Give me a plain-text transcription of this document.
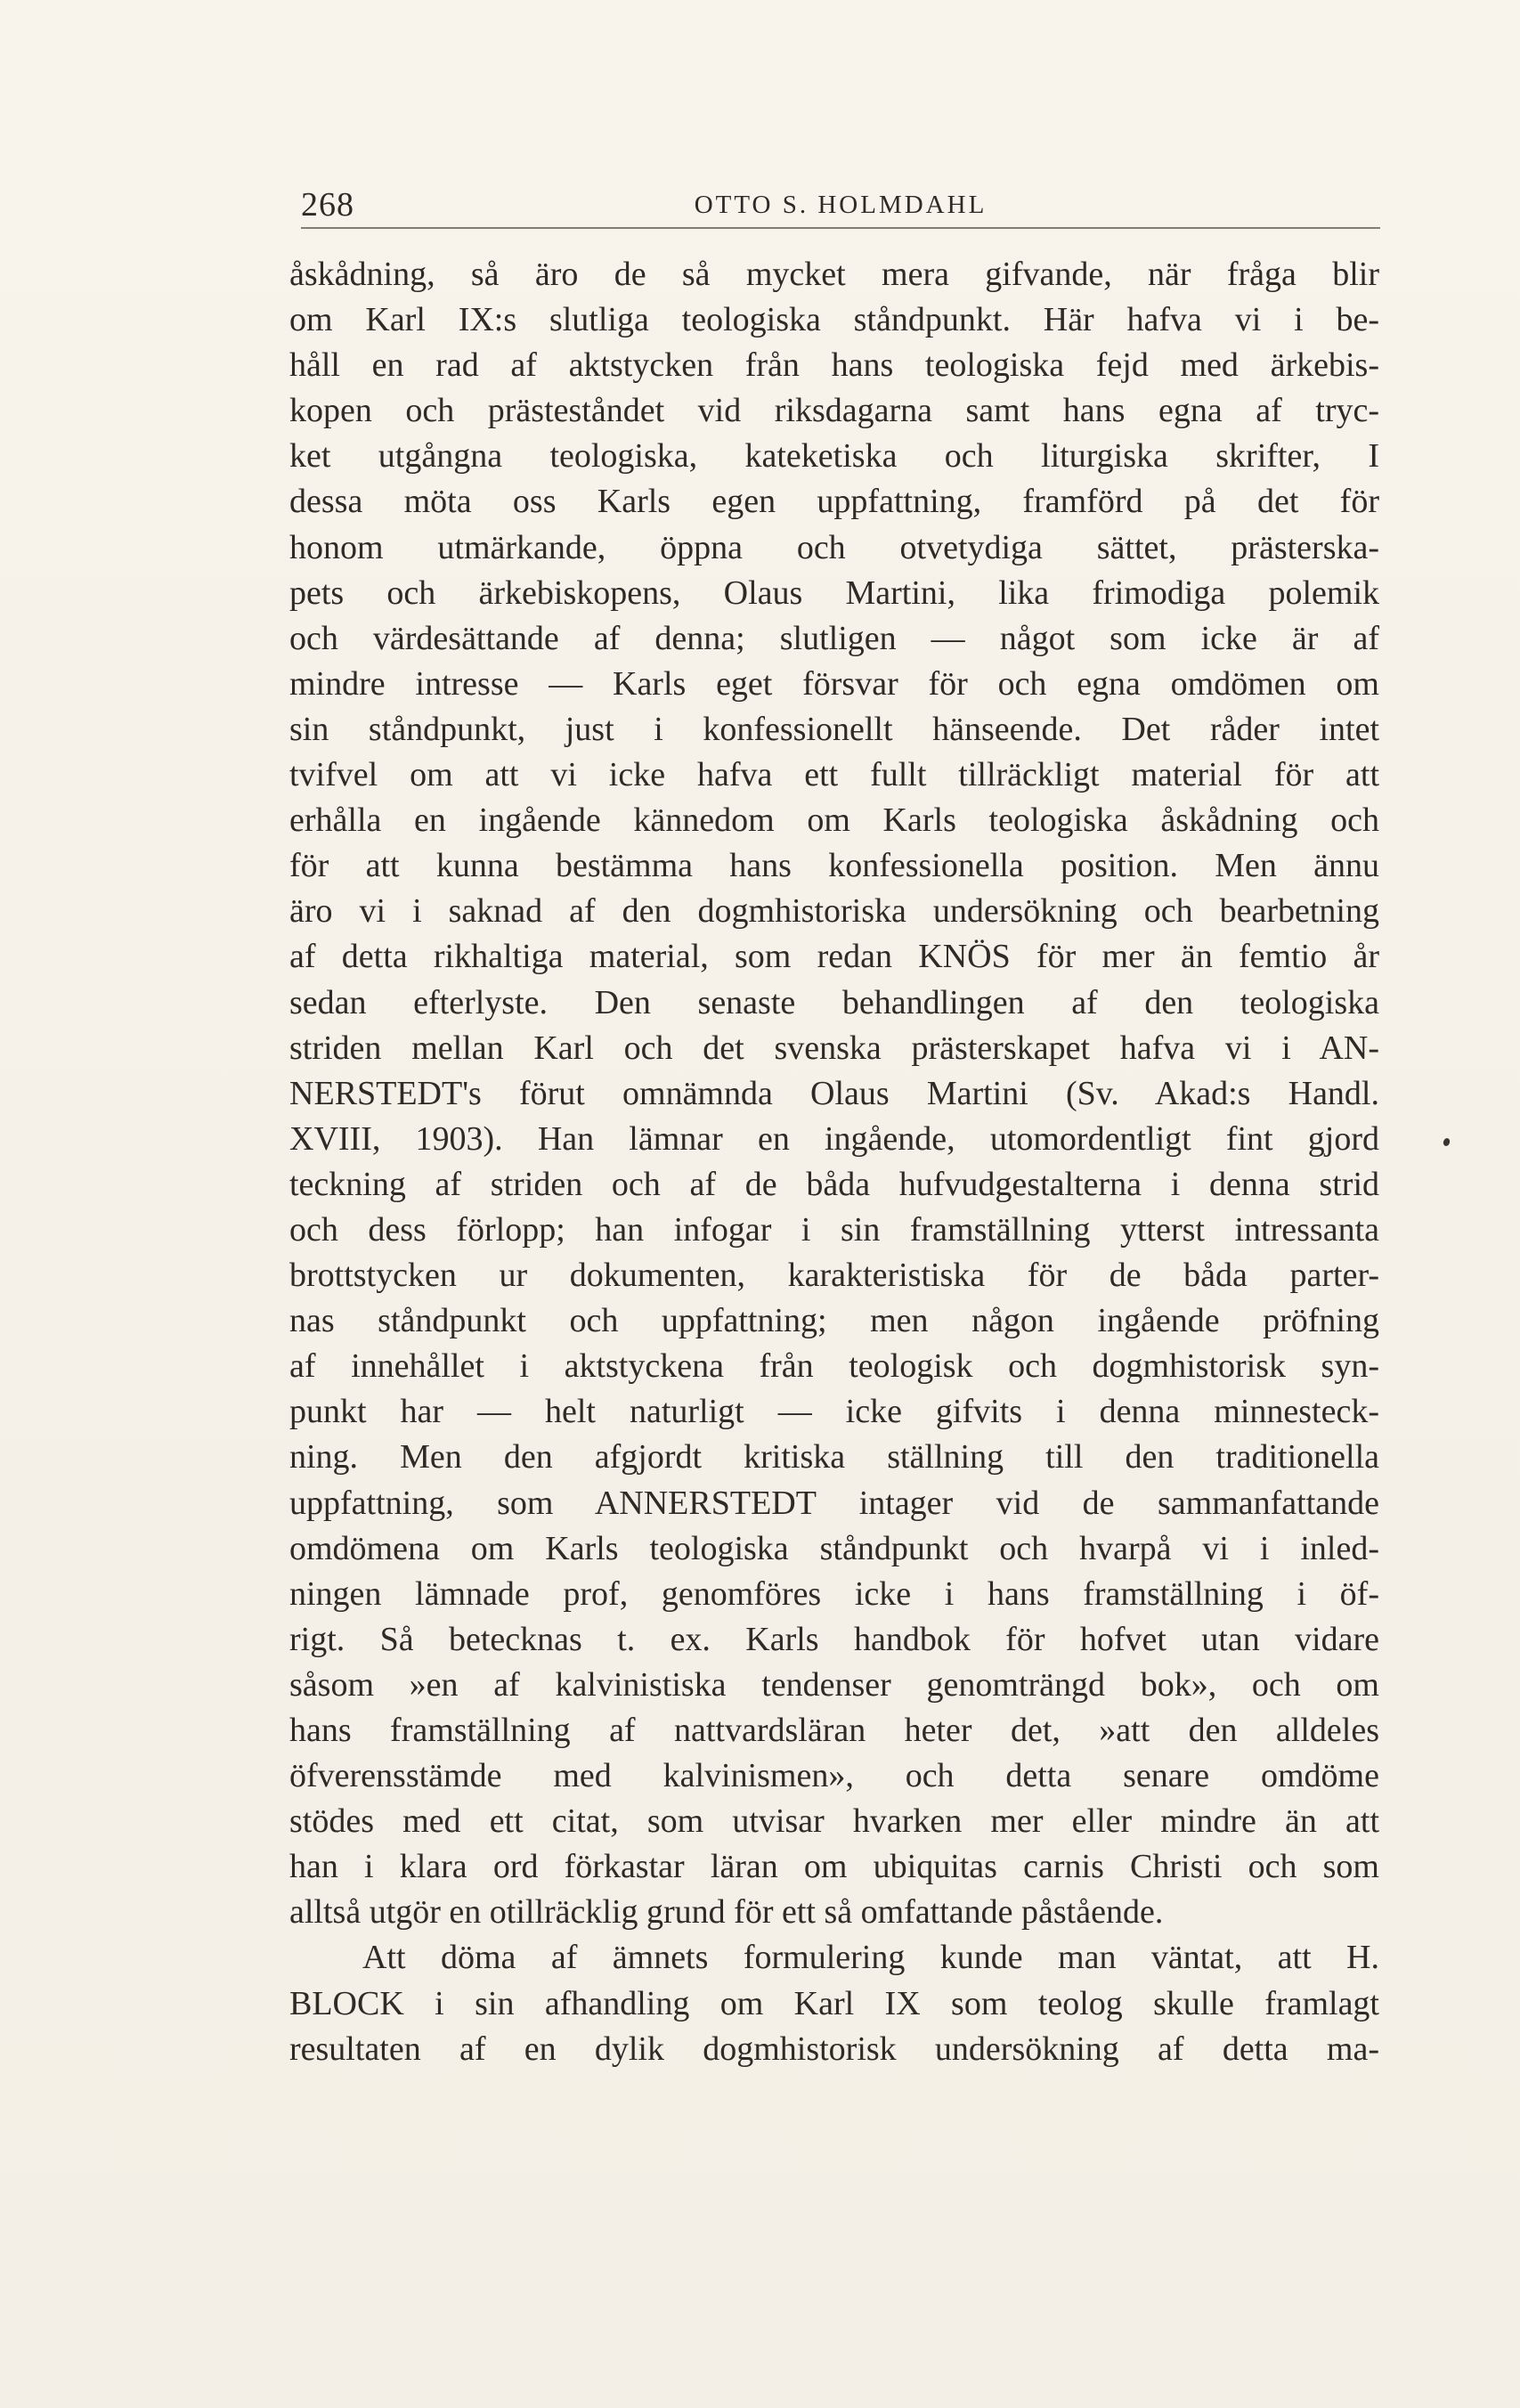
268	OTTO S. HOLMDAHL
åskådning, så äro de så mycket mera gifvande, när fråga blir
om Karl IX:s slutliga teologiska ståndpunkt. Här hafva vi i be-
håll en rad af aktstycken från hans teologiska fejd med ärkebis-
kopen och prästeståndet vid riksdagarna samt hans egna af tryc-
ket utgångna teologiska, kateketiska och liturgiska skrifter, I
dessa möta oss Karls egen uppfattning, framförd på det för
honom utmärkande, öppna och otvetydiga sättet, prästerska-
pets och ärkebiskopens, Olaus Martini, lika frimodiga polemik
och värdesättande af denna; slutligen — något som icke är af
mindre intresse — Karls eget försvar för och egna omdömen om
sin ståndpunkt, just i konfessionellt hänseende. Det råder intet
tvifvel om att vi icke hafva ett fullt tillräckligt material för att
erhålla en ingående kännedom om Karls teologiska åskådning och
för att kunna bestämma hans konfessionella position. Men ännu
äro vi i saknad af den dogmhistoriska undersökning och bearbetning
af detta rikhaltiga material, som redan KNÖS för mer än femtio år
sedan efterlyste. Den senaste behandlingen af den teologiska
striden mellan Karl och det svenska prästerskapet hafva vi i AN-
NERSTEDT's förut omnämnda Olaus Martini (Sv. Akad:s Handl.
XVIII, 1903). Han lämnar en ingående, utomordentligt fint gjord
teckning af striden och af de båda hufvudgestalterna i denna strid
och dess förlopp; han infogar i sin framställning ytterst intressanta
brottstycken ur dokumenten, karakteristiska för de båda parter-
nas ståndpunkt och uppfattning; men någon ingående pröfning
af innehållet i aktstyckena från teologisk och dogmhistorisk syn-
punkt har — helt naturligt — icke gifvits i denna minnesteck-
ning. Men den afgjordt kritiska ställning till den traditionella
uppfattning, som ANNERSTEDT intager vid de sammanfattande
omdömena om Karls teologiska ståndpunkt och hvarpå vi i inled-
ningen lämnade prof, genomföres icke i hans framställning i öf-
rigt. Så betecknas t. ex. Karls handbok för hofvet utan vidare
såsom »en af kalvinistiska tendenser genomträngd bok», och om
hans framställning af nattvardsläran heter det, »att den alldeles
öfverensstämde med kalvinismen», och detta senare omdöme
stödes med ett citat, som utvisar hvarken mer eller mindre än att
han i klara ord förkastar läran om ubiquitas carnis Christi och som
alltså utgör en otillräcklig grund för ett så omfattande påstående.
Att döma af ämnets formulering kunde man väntat, att H.
BLOCK i sin afhandling om Karl IX som teolog skulle framlagt
resultaten af en dylik dogmhistorisk undersökning af detta ma-
